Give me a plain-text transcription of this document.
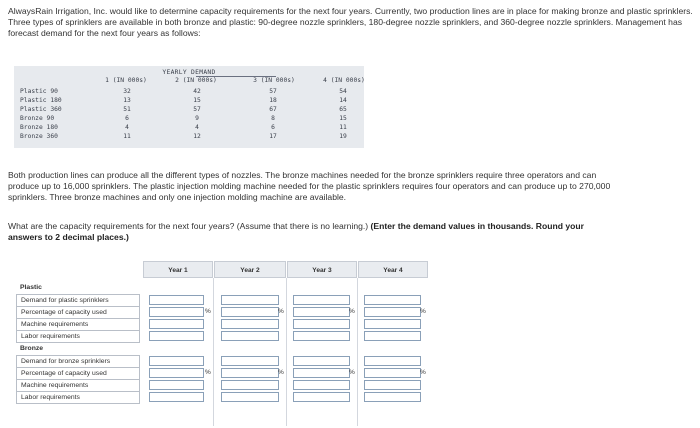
AlwaysRain Irrigation, Inc. would like to determine capacity requirements for the next four years. Currently, two production lines are in place for making bronze and plastic sprinklers. Three types of sprinklers are available in both bronze and plastic: 90-degree nozzle sprinklers, 180-degree nozzle sprinklers, and 360-degree nozzle sprinklers. Management has forecast demand for the next four years as follows:
YEARLY DEMAND
1 (IN 000s)	2 (IN 000s)	3 (IN 000s)	4 (IN 000s)
Plastic 90	32	42	57	54
Plastic 180	13	15	18	14
Plastic 360	51	57	67	65
Bronze 90	6	9	8	15
Bronze 180	4	4	6	11
Bronze 360	11	12	17	19
Both production lines can produce all the different types of nozzles. The bronze machines needed for the bronze sprinklers require three operators and can produce up to 16,000 sprinklers. The plastic injection molding machine needed for the plastic sprinklers requires four operators and can produce up to 270,000 sprinklers. Three bronze machines and only one injection molding machine are available.
What are the capacity requirements for the next four years? (Assume that there is no learning.) (Enter the demand values in thousands. Round your answers to 2 decimal places.)
Year 1	Year 2	Year 3	Year 4
Plastic
Demand for plastic sprinklers
Percentage of capacity used
Machine requirements
Labor requirements
Bronze
Demand for bronze sprinklers
Percentage of capacity used
Machine requirements
Labor requirements
%	%	%	%
%	%	%	%
